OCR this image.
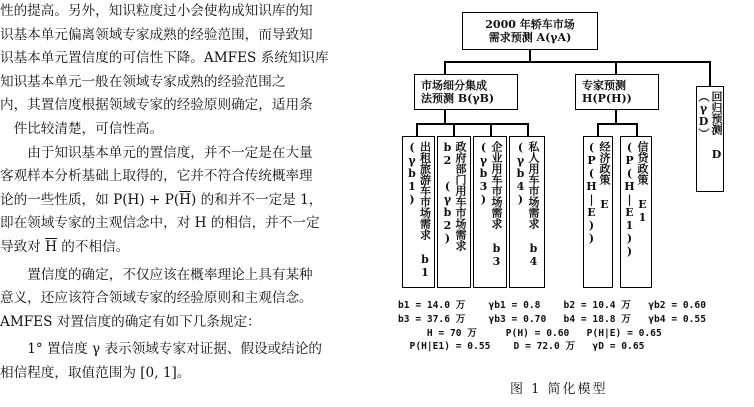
性的提高。另外，知识粒度过小会使构成知识库的知

识基本单元偏离领域专家成熟的经验范围，而导致知

识基本单元置信度的可信性下降。AMFES 系统知识库

知识基本单元一般在领域专家成熟的经验范围之

内，其置信度根据领域专家的经验原则确定，适用条

件比较清楚，可信性高。

由于知识基本单元的置信度，并不一定是在大量

客观样本分析基础上取得的，它并不符合传统概率理

论的一些性质，如 $P(H) + P(\overline{H})$ 的和并不一定是 1，

即在领域专家的主观信念中，对 H 的相信，并不一定

导致对 $\overline{H}$ 的不相信。

置信度的确定，不仅应该在概率理论上具有某种

意义，还应该符合领域专家的经验原则和主观信念。

AMFES 对置信度的确定有如下几条规定：

1° 置信度 γ 表示领域专家对证据、假设或结论的

相信程度，取值范围为 [0, 1]。

2000 年轿车市场
需求预测 A(γA)
市场细分集成
法预测 B(γB)
专家预测
H(P(H))	回归预测 D（γD）
出租旅游车市场需求 b1 (γb1)	政府部门用车市场需求 b2 (γb2)	企业用车市场需求 b3 (γb3)	私人用车市场需求 b4 (γb4)	经济政策 E (P(H|E))	信贷政策 E1 (P(H|E1))
b1 = 14.0 万    γb1 = 0.8    b2 = 10.4 万   γb2 = 0.60
b3 = 37.6 万    γb3 = 0.70   b4 = 18.8 万   γb4 = 0.55
H = 70 万     P(H) = 0.60   P(H|E) = 0.65
P(H|E1) = 0.55    D = 72.0 万   γD = 0.65
图 1 简化模型
